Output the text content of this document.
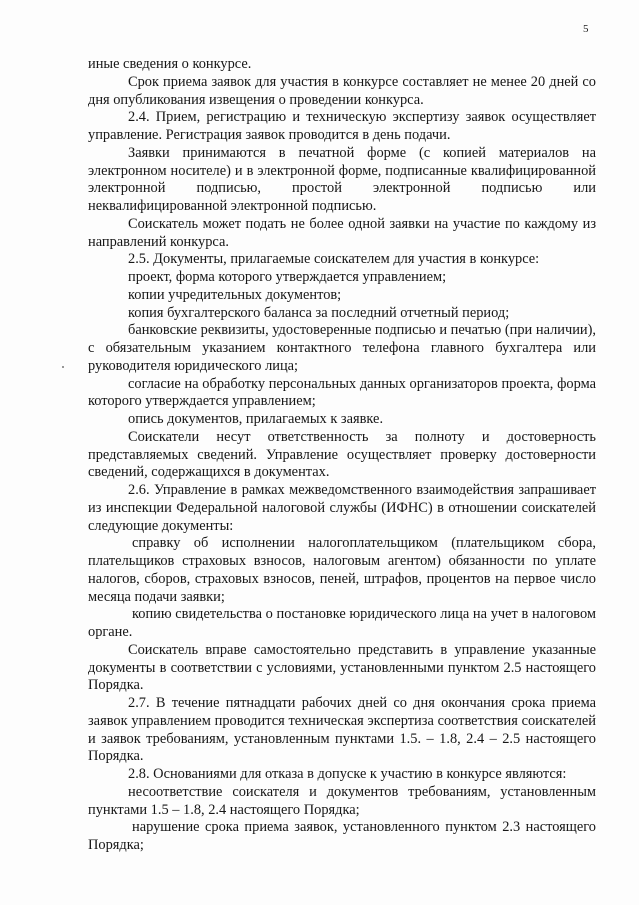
5

иные сведения о конкурсе.

Срок приема заявок для участия в конкурсе составляет не менее 20 дней со дня опубликования извещения о проведении конкурса.

2.4. Прием, регистрацию и техническую экспертизу заявок осуществляет управление. Регистрация заявок проводится в день подачи.

Заявки принимаются в печатной форме (с копией материалов на электронном носителе) и в электронной форме, подписанные квалифицированной электронной подписью, простой электронной подписью или неквалифицированной электронной подписью.

Соискатель может подать не более одной заявки на участие по каждому из направлений конкурса.

2.5. Документы, прилагаемые соискателем для участия в конкурсе:

проект, форма которого утверждается управлением;

копии учредительных документов;

копия бухгалтерского баланса за последний отчетный период;

банковские реквизиты, удостоверенные подписью и печатью (при наличии), с обязательным указанием контактного телефона главного бухгалтера или руководителя юридического лица;

согласие на обработку персональных данных организаторов проекта, форма которого утверждается управлением;

опись документов, прилагаемых к заявке.

Соискатели несут ответственность за полноту и достоверность представляемых сведений. Управление осуществляет проверку достоверности сведений, содержащихся в документах.

2.6. Управление в рамках межведомственного взаимодействия запрашивает из инспекции Федеральной налоговой службы (ИФНС) в отношении соискателей следующие документы:

справку об исполнении налогоплательщиком (плательщиком сбора, плательщиков страховых взносов, налоговым агентом) обязанности по уплате налогов, сборов, страховых взносов, пеней, штрафов, процентов на первое число месяца подачи заявки;

копию свидетельства о постановке юридического лица на учет в налоговом органе.

Соискатель вправе самостоятельно представить в управление указанные документы в соответствии с условиями, установленными пунктом 2.5 настоящего Порядка.

2.7. В течение пятнадцати рабочих дней со дня окончания срока приема заявок управлением проводится техническая экспертиза соответствия соискателей и заявок требованиям, установленным пунктами 1.5. – 1.8, 2.4 – 2.5 настоящего Порядка.

2.8. Основаниями для отказа в допуске к участию в конкурсе являются:

несоответствие соискателя и документов требованиям, установленным пунктами 1.5 – 1.8, 2.4 настоящего Порядка;

нарушение срока приема заявок, установленного пунктом 2.3 настоящего Порядка;
